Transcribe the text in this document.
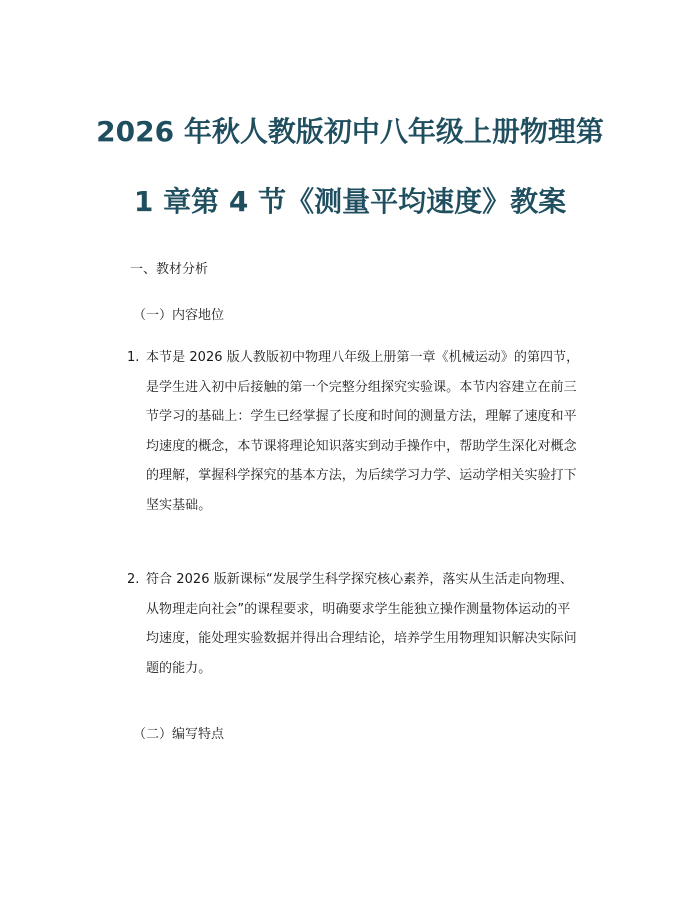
2026 年秋人教版初中八年级上册物理第
1 章第 4 节《测量平均速度》教案
一、教材分析
（一）内容地位
1. 本节是 2026 版人教版初中物理八年级上册第一章《机械运动》的第四节，
是学生进入初中后接触的第一个完整分组探究实验课。本节内容建立在前三
节学习的基础上：学生已经掌握了长度和时间的测量方法，理解了速度和平
均速度的概念，本节课将理论知识落实到动手操作中，帮助学生深化对概念
的理解，掌握科学探究的基本方法，为后续学习力学、运动学相关实验打下
坚实基础。
2. 符合 2026 版新课标“发展学生科学探究核心素养，落实从生活走向物理、
从物理走向社会”的课程要求，明确要求学生能独立操作测量物体运动的平
均速度，能处理实验数据并得出合理结论，培养学生用物理知识解决实际问
题的能力。
（二）编写特点
